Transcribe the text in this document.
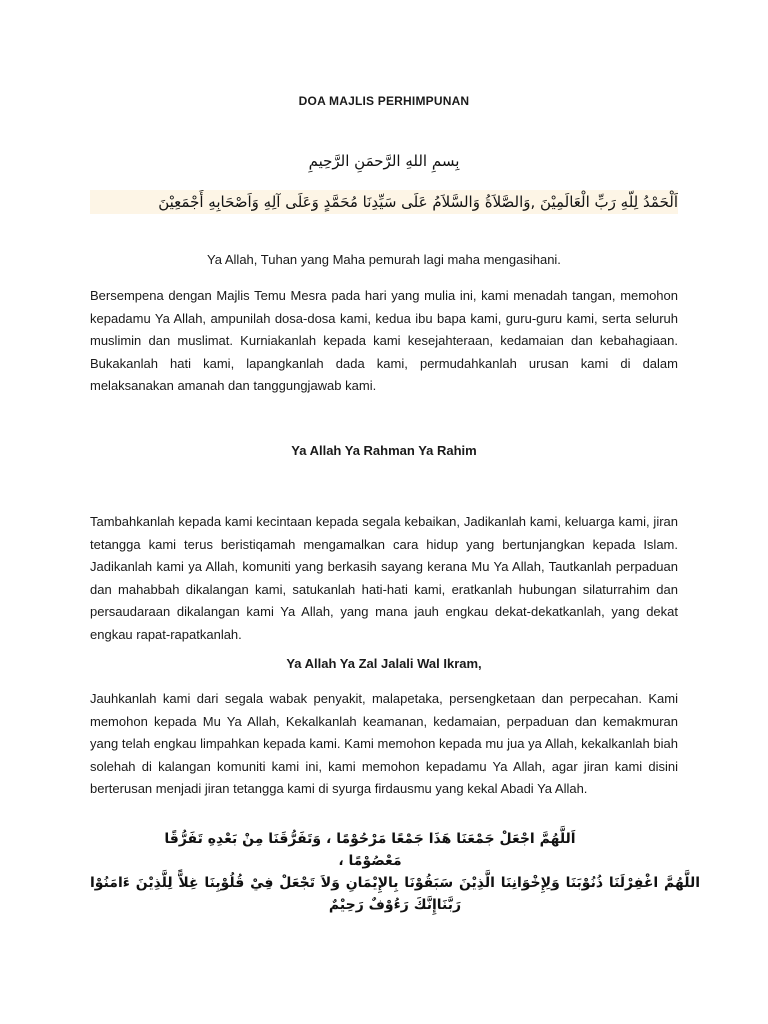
DOA MAJLIS PERHIMPUNAN
بِسمِ اللهِ الرَّحمَنِ الرَّحِيمِ
اَلْحَمْدُ لِلّهِ رَبِّ الْعَالَمِيْنَ ,وَالصَّلاَةُ وَالسَّلاَمُ عَلَى سَيِّدِنَا مُحَمَّدٍ وَعَلَى آلِهِ وَاَصْحَابِهِ أَجْمَعِيْنَ
Ya Allah, Tuhan yang Maha pemurah lagi maha mengasihani.
Bersempena dengan Majlis Temu Mesra pada hari yang mulia ini, kami menadah tangan, memohon kepadamu Ya Allah, ampunilah dosa-dosa kami, kedua ibu bapa kami, guru-guru kami, serta seluruh muslimin dan muslimat. Kurniakanlah kepada kami kesejahteraan, kedamaian dan kebahagiaan. Bukakanlah hati kami, lapangkanlah dada kami, permudahkanlah urusan kami di dalam melaksanakan amanah dan tanggungjawab kami.
Ya Allah Ya Rahman Ya Rahim
Tambahkanlah kepada kami kecintaan kepada segala kebaikan, Jadikanlah kami, keluarga kami, jiran tetangga kami terus beristiqamah mengamalkan cara hidup yang bertunjangkan kepada Islam. Jadikanlah kami ya Allah, komuniti yang berkasih sayang kerana Mu Ya Allah, Tautkanlah perpaduan dan mahabbah dikalangan kami, satukanlah hati-hati kami, eratkanlah hubungan silaturrahim dan persaudaraan dikalangan kami Ya Allah, yang mana jauh engkau dekat-dekatkanlah, yang dekat engkau rapat-rapatkanlah.
Ya Allah Ya Zal Jalali Wal Ikram,
Jauhkanlah kami dari segala wabak penyakit, malapetaka, persengketaan dan perpecahan. Kami memohon kepada Mu Ya Allah, Kekalkanlah keamanan, kedamaian, perpaduan dan kemakmuran yang telah engkau limpahkan kepada kami. Kami memohon kepada mu jua ya Allah, kekalkanlah biah solehah di kalangan komuniti kami ini, kami memohon kepadamu Ya Allah, agar jiran kami disini berterusan menjadi jiran tetangga kami di syurga firdausmu yang kekal Abadi Ya Allah.
اَللَّهُمَّ اجْعَلْ جَمْعَنَا هَذَا جَمْعًا مَرْحُوْمًا ، وَتَفَرُّقَنَا مِنْ بَعْدِهِ تَفَرُّقًا مَعْصُوْمًا ،
اللَّهُمَّ اغْفِرْلَنَا ذُنُوْبَنَا وَلِإِخْوَانِنَا الَّذِيْنَ سَبَقُوْنَا بِالإِيْمَانِ وَلاَ تَجْعَلْ فِيْ قُلُوْبِنَا غِلاًّ لِلَّذِيْنَ ءَامَنُوْا رَبَّنَاإِنَّكَ رَءُوْفٌ رَحِيْمٌ
